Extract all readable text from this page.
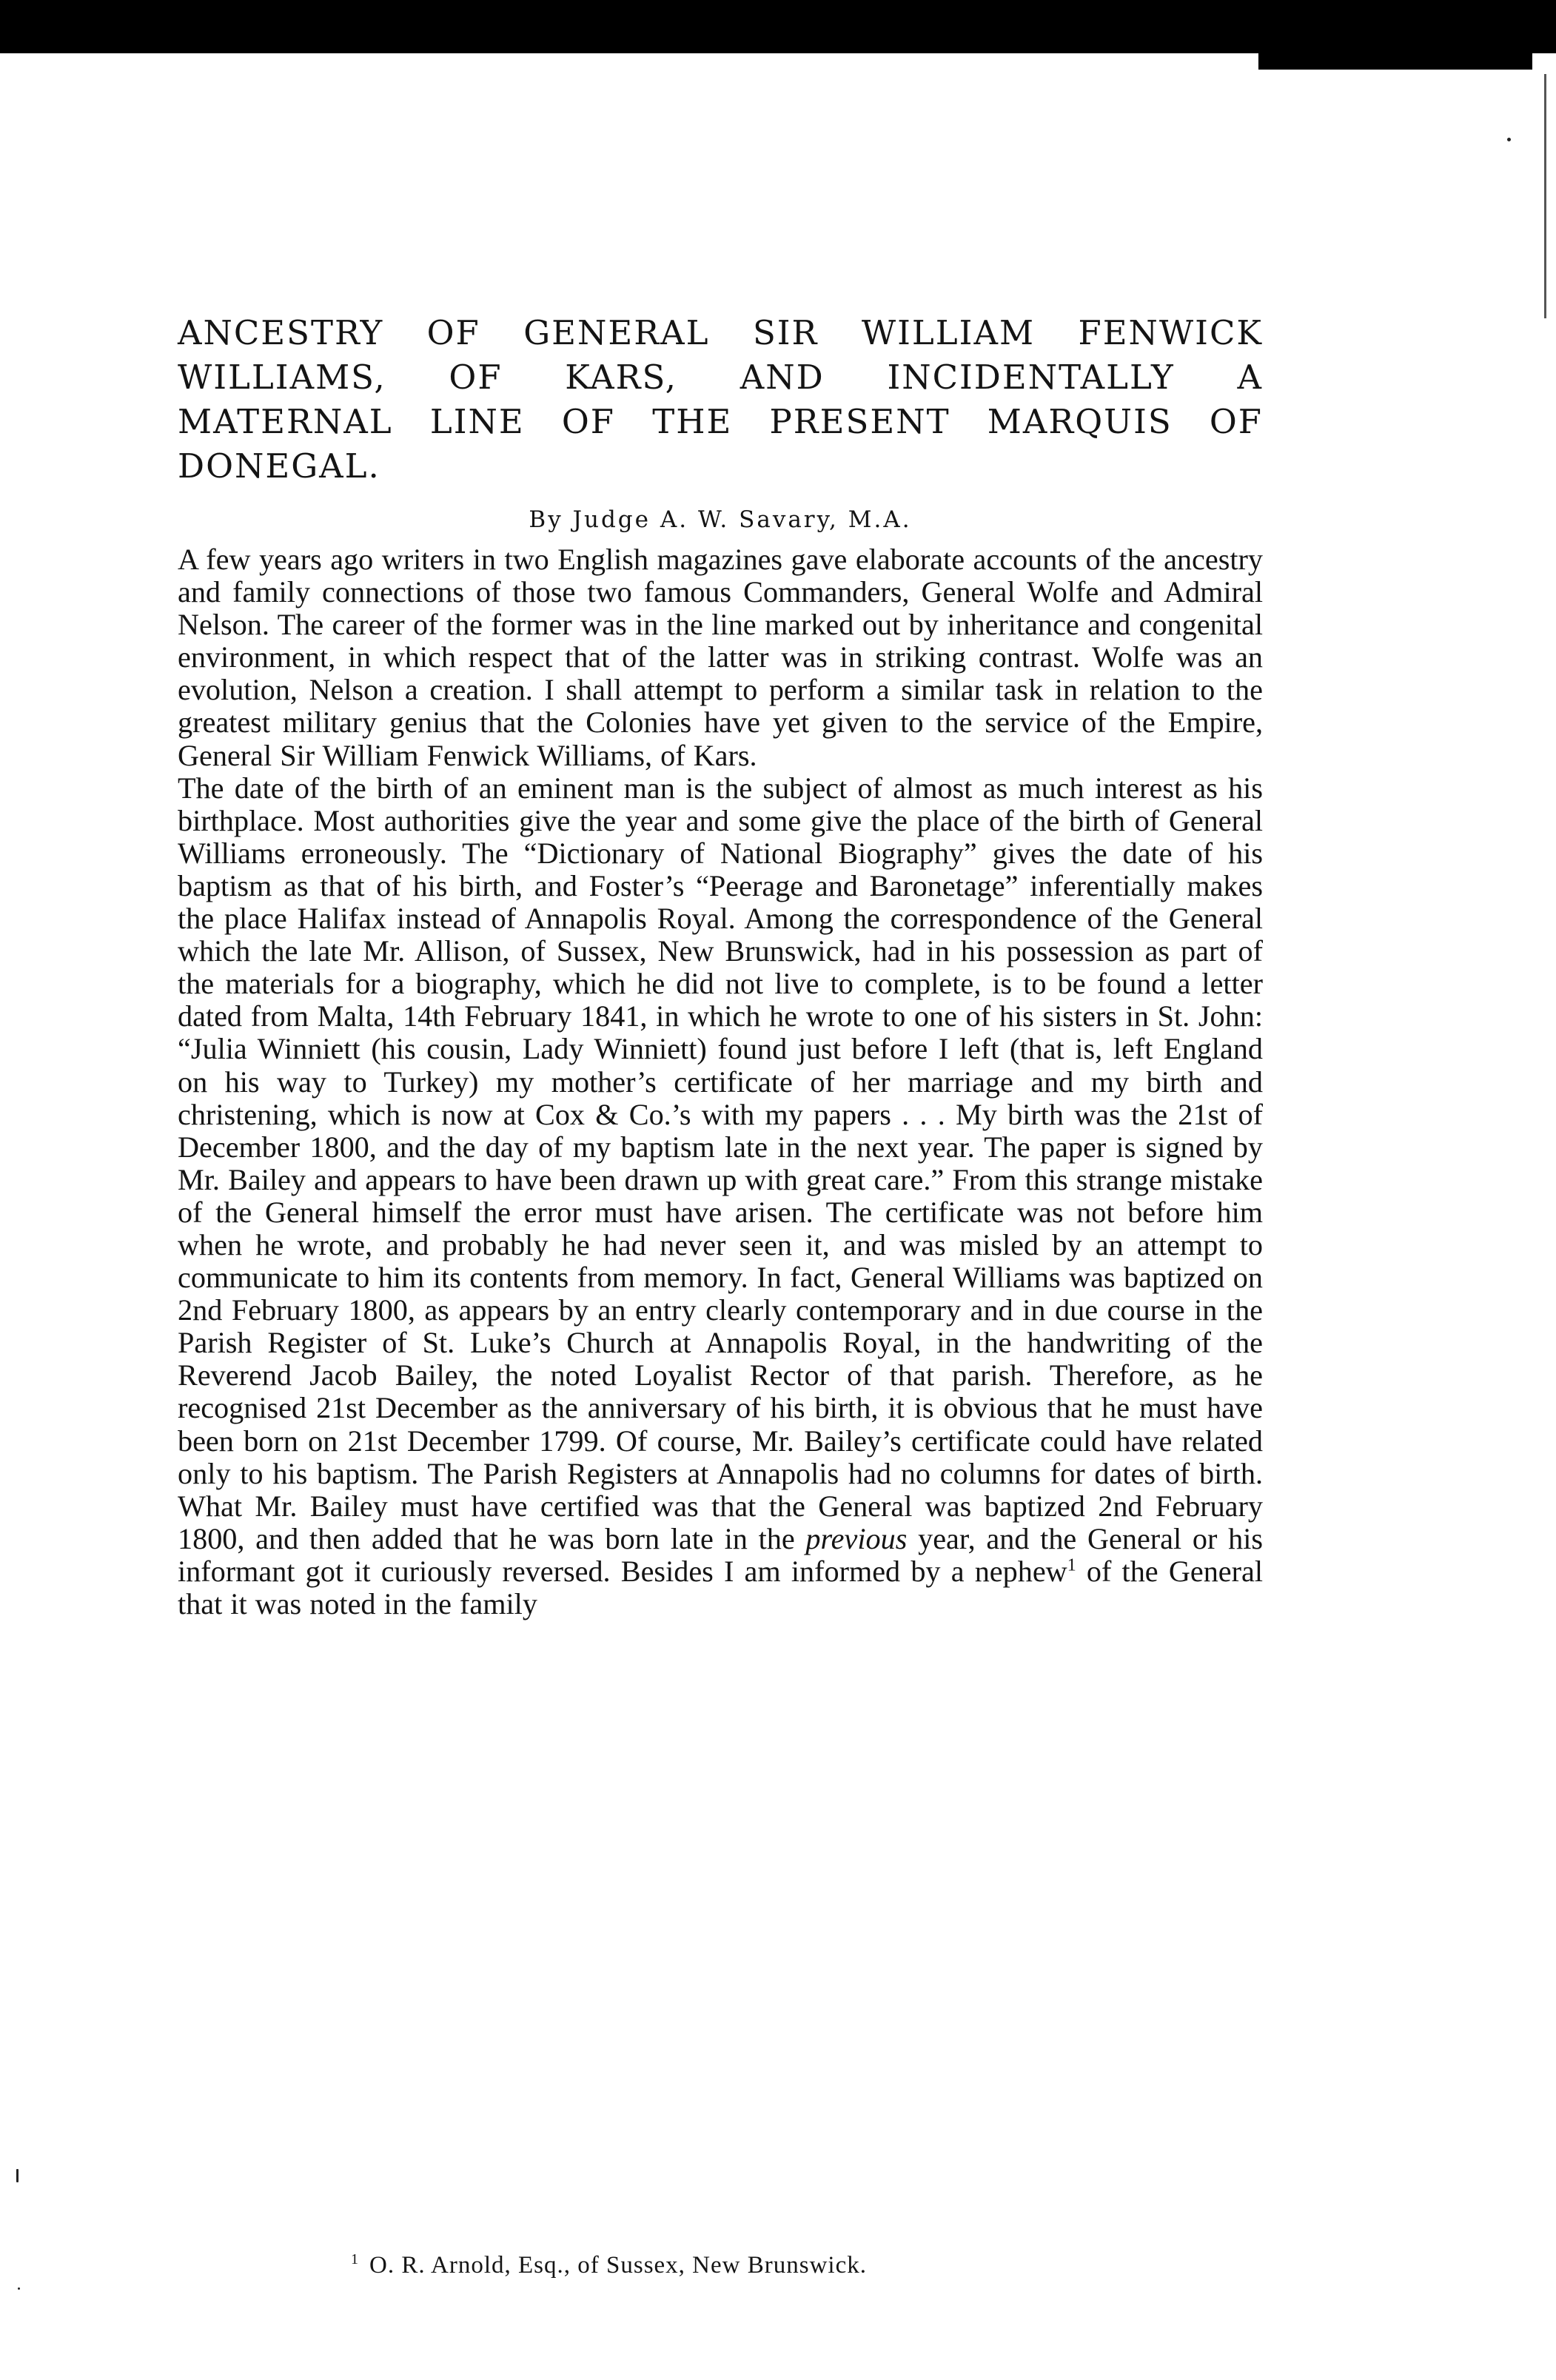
ANCESTRY OF GENERAL SIR WILLIAM FENWICK
WILLIAMS, OF KARS, AND INCIDENTALLY A
MATERNAL LINE OF THE PRESENT MARQUIS OF
DONEGAL.
By Judge A. W. Savary, M.A.

A few years ago writers in two English magazines gave elaborate accounts of the ancestry and family connections of those two famous Commanders, General Wolfe and Admiral Nelson. The career of the former was in the line marked out by inheritance and congenital environment, in which respect that of the latter was in striking contrast. Wolfe was an evolution, Nelson a creation. I shall attempt to perform a similar task in relation to the greatest military genius that the Colonies have yet given to the service of the Empire, General Sir William Fenwick Williams, of Kars.

The date of the birth of an eminent man is the subject of almost as much interest as his birthplace. Most authorities give the year and some give the place of the birth of General Williams erroneously. The “Dictionary of National Biography” gives the date of his baptism as that of his birth, and Foster’s “Peerage and Baronetage” inferentially makes the place Halifax instead of Annapolis Royal. Among the correspondence of the General which the late Mr. Allison, of Sussex, New Brunswick, had in his possession as part of the materials for a biography, which he did not live to complete, is to be found a letter dated from Malta, 14th February 1841, in which he wrote to one of his sisters in St. John: “Julia Winniett (his cousin, Lady Winniett) found just before I left (that is, left England on his way to Turkey) my mother’s certificate of her marriage and my birth and christening, which is now at Cox & Co.’s with my papers . . . My birth was the 21st of December 1800, and the day of my baptism late in the next year. The paper is signed by Mr. Bailey and appears to have been drawn up with great care.” From this strange mistake of the General himself the error must have arisen. The certificate was not before him when he wrote, and probably he had never seen it, and was misled by an attempt to communicate to him its contents from memory. In fact, General Williams was baptized on 2nd February 1800, as appears by an entry clearly contemporary and in due course in the Parish Register of St. Luke’s Church at Annapolis Royal, in the handwriting of the Reverend Jacob Bailey, the noted Loyalist Rector of that parish. Therefore, as he recognised 21st December as the anniversary of his birth, it is obvious that he must have been born on 21st December 1799. Of course, Mr. Bailey’s certificate could have related only to his baptism. The Parish Registers at Annapolis had no columns for dates of birth. What Mr. Bailey must have certified was that the General was baptized 2nd February 1800, and then added that he was born late in the previous year, and the General or his informant got it curiously reversed. Besides I am informed by a nephew$^1$ of the General that it was noted in the family

$^1$ O. R. Arnold, Esq., of Sussex, New Brunswick.
